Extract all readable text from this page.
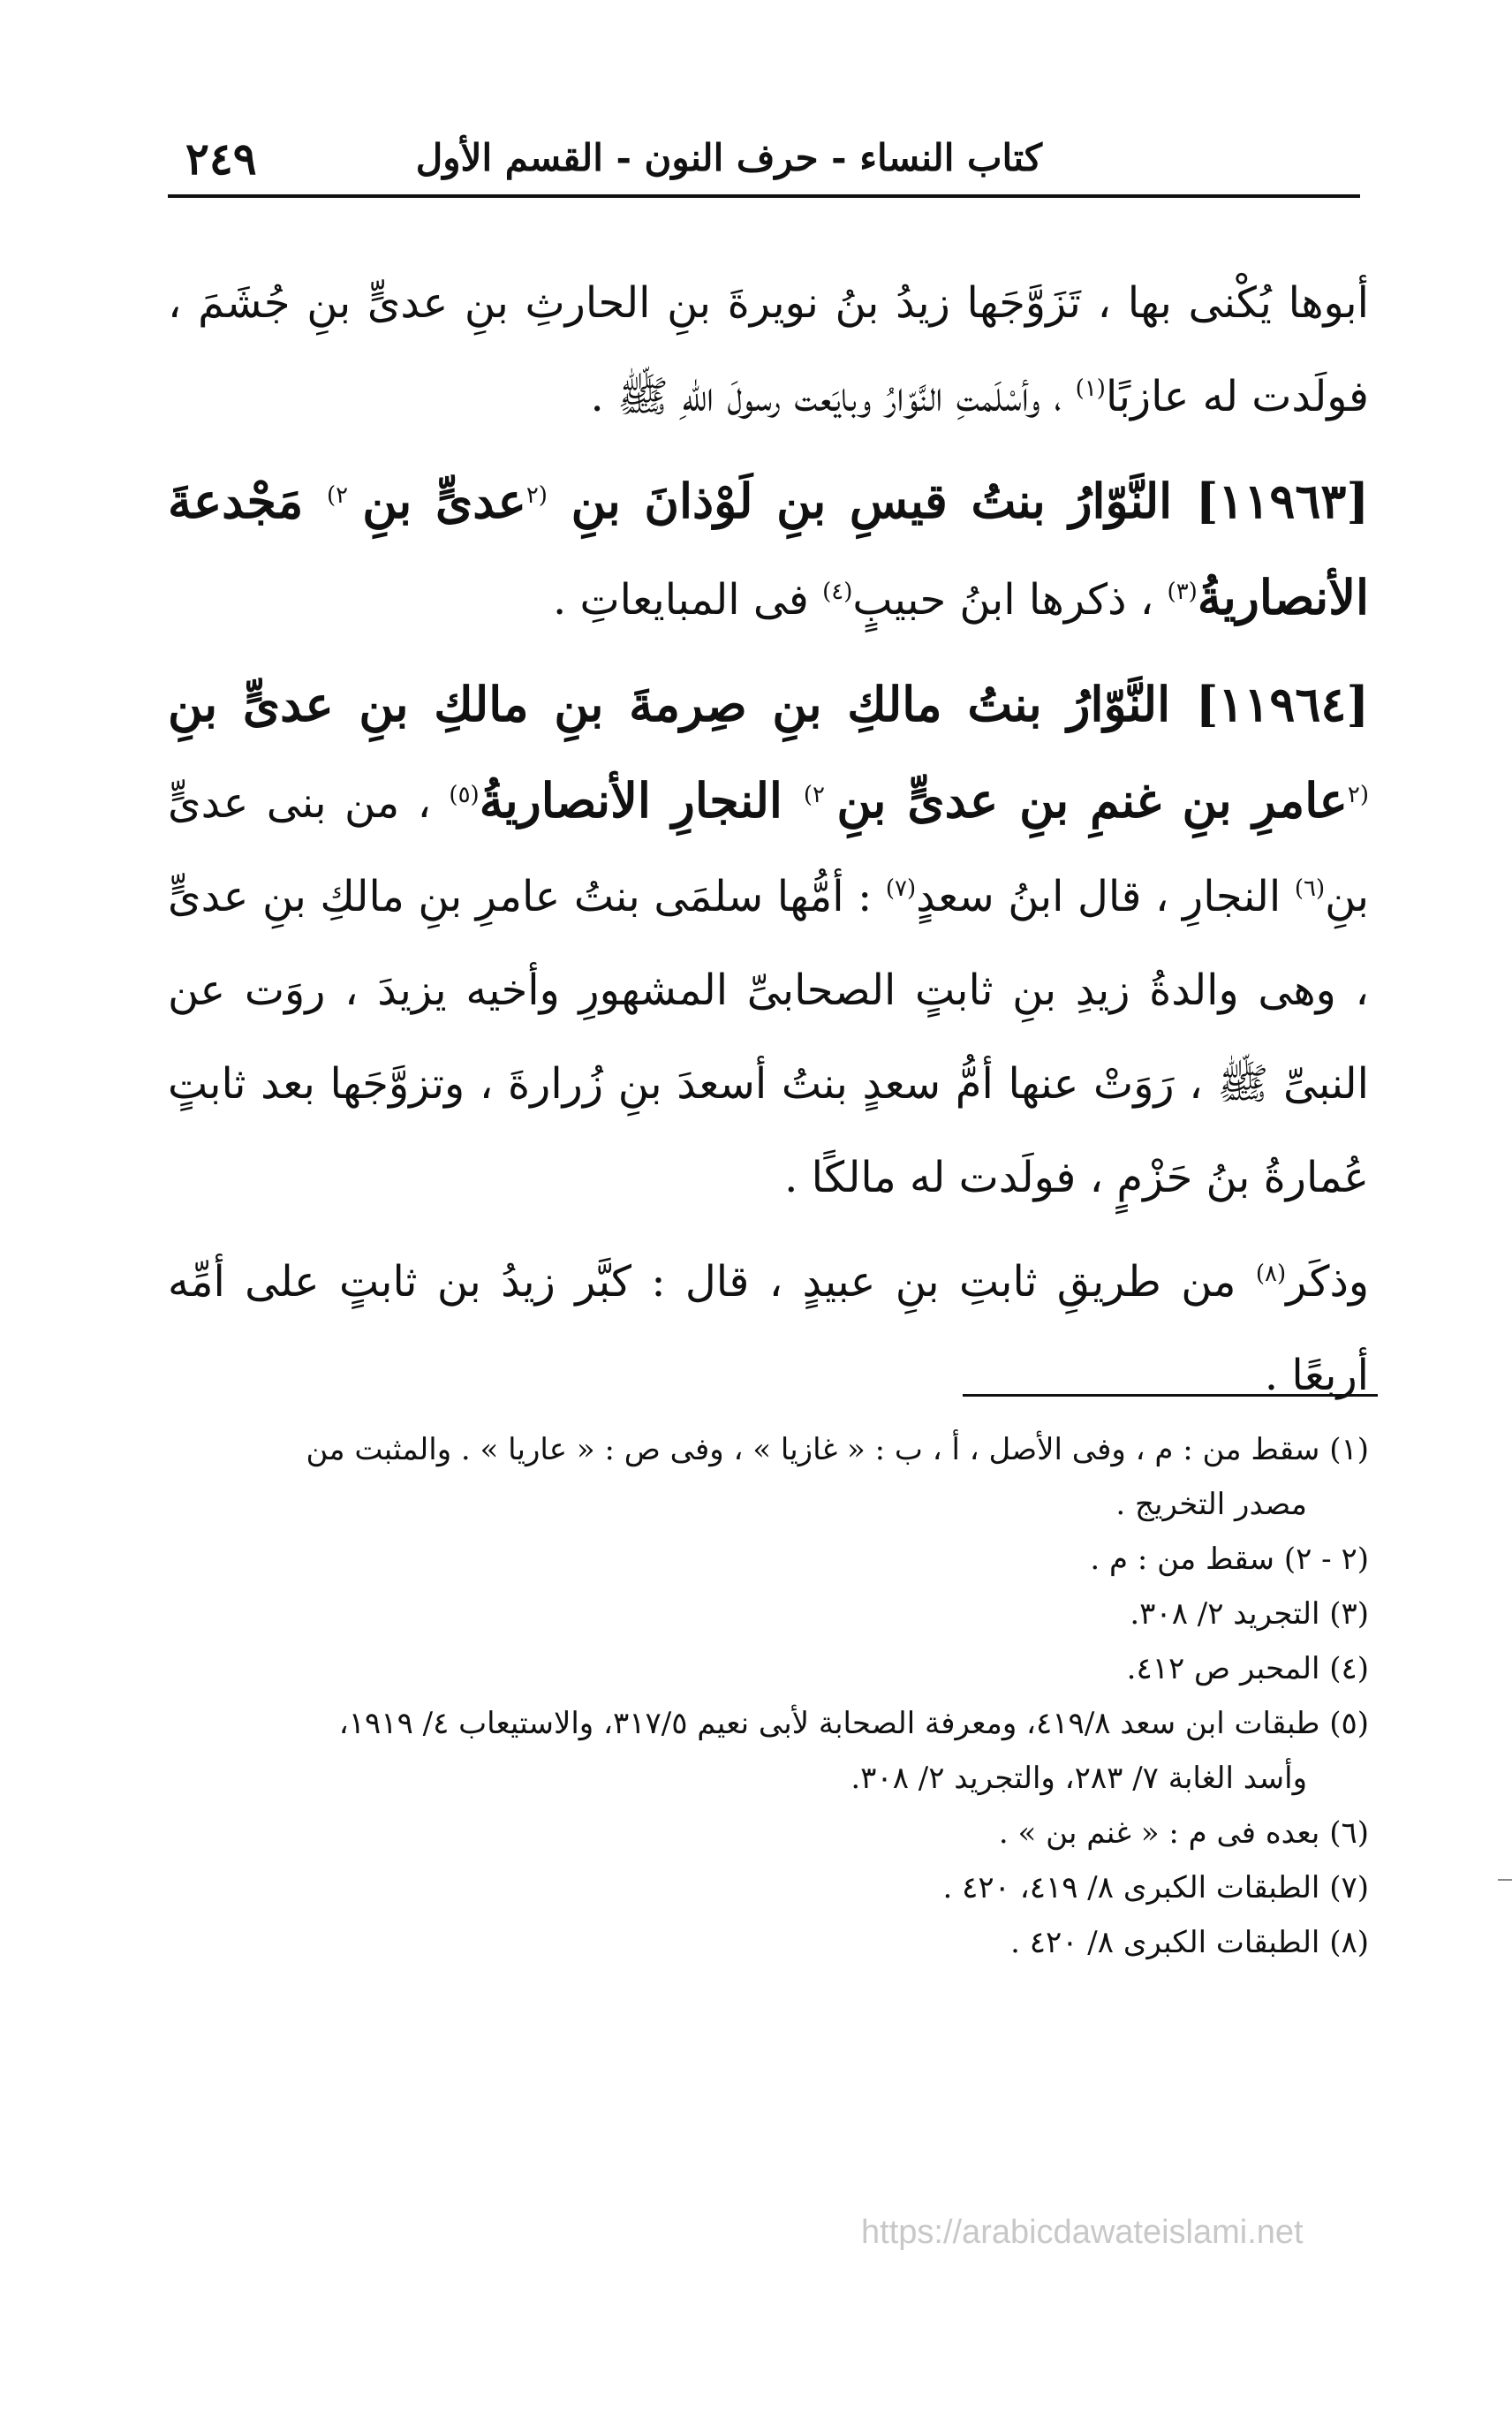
٢٤٩	كتاب النساء - حرف النون - القسم الأول

أبوها يُكْنى بها ، تَزَوَّجَها زيدُ بنُ نويرةَ بنِ الحارثِ بنِ عدىٍّ بنِ جُشَمَ ، فولَدت له عازبًا$^{(١)}$ ، وأسْلَمتِ النَّوّارُ وبايَعت رسولَ اللهِ ﷺ .

[١١٩٦٣] النَّوّارُ بنتُ قيسِ بنِ لَوْذانَ بنِ $^{(٢}$عدىٍّ بنِ $^{٢)}$ مَجْدعةَ الأنصاريةُ$^{(٣)}$ ، ذكرها ابنُ حبيبٍ$^{(٤)}$ فى المبايعاتِ .

[١١٩٦٤] النَّوّارُ بنتُ مالكِ بنِ صِرمةَ بنِ مالكِ بنِ عدىٍّ بنِ $^{(٢}$عامرِ بنِ غنمِ بنِ عدىٍّ بنِ $^{٢)}$ النجارِ الأنصاريةُ$^{(٥)}$ ، من بنى عدىٍّ بنِ$^{(٦)}$ النجارِ ، قال ابنُ سعدٍ$^{(٧)}$ : أمُّها سلمَى بنتُ عامرِ بنِ مالكِ بنِ عدىٍّ ، وهى والدةُ زيدِ بنِ ثابتٍ الصحابىِّ المشهورِ وأخيه يزيدَ ، روَت عن النبىِّ ﷺ ، رَوَتْ عنها أمُّ سعدٍ بنتُ أسعدَ بنِ زُرارةَ ، وتزوَّجَها بعد ثابتٍ عُمارةُ بنُ حَزْمٍ ، فولَدت له مالكًا .

وذكَر$^{(٨)}$ من طريقِ ثابتِ بنِ عبيدٍ ، قال : كبَّر زيدُ بن ثابتٍ على أمِّه أربعًا .

(١) سقط من : م ، وفى الأصل ، أ ، ب : « غازيا » ، وفى ص : « عاريا » . والمثبت من
مصدر التخريج .

(٢ - ٢) سقط من : م .

(٣) التجريد ٢/ ٣٠٨.

(٤) المحبر ص ٤١٢.

(٥) طبقات ابن سعد ٤١٩/٨، ومعرفة الصحابة لأبى نعيم ٣١٧/٥، والاستيعاب ٤/ ١٩١٩،
وأسد الغابة ٧/ ٢٨٣، والتجريد ٢/ ٣٠٨.

(٦) بعده فى م : « غنم بن » .

(٧) الطبقات الكبرى ٨/ ٤١٩، ٤٢٠ .

(٨) الطبقات الكبرى ٨/ ٤٢٠ .

https://arabicdawateislami.net
